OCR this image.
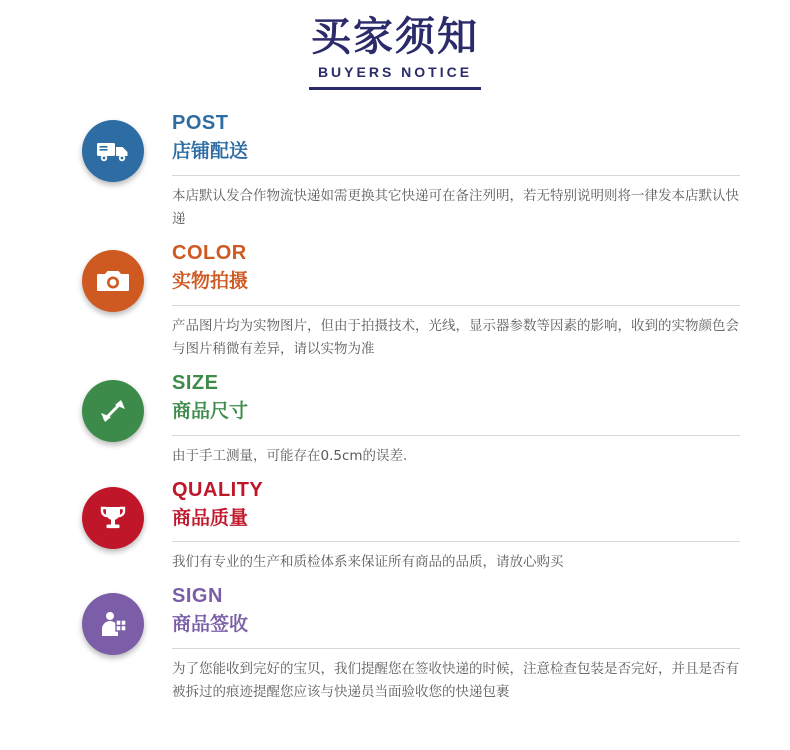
买家须知
BUYERS NOTICE
POST
店铺配送

本店默认发合作物流快递如需更换其它快递可在备注列明，若无特别说明则将一律发本店默认快递

COLOR
实物拍摄

产品图片均为实物图片，但由于拍摄技术，光线，显示器参数等因素的影响，收到的实物颜色会与图片稍微有差异，请以实物为准

SIZE
商品尺寸

由于手工测量，可能存在0.5cm的误差.

QUALITY
商品质量

我们有专业的生产和质检体系来保证所有商品的品质，请放心购买

SIGN
商品签收

为了您能收到完好的宝贝，我们提醒您在签收快递的时候，注意检查包装是否完好，并且是否有被拆过的痕迹提醒您应该与快递员当面验收您的快递包裹
